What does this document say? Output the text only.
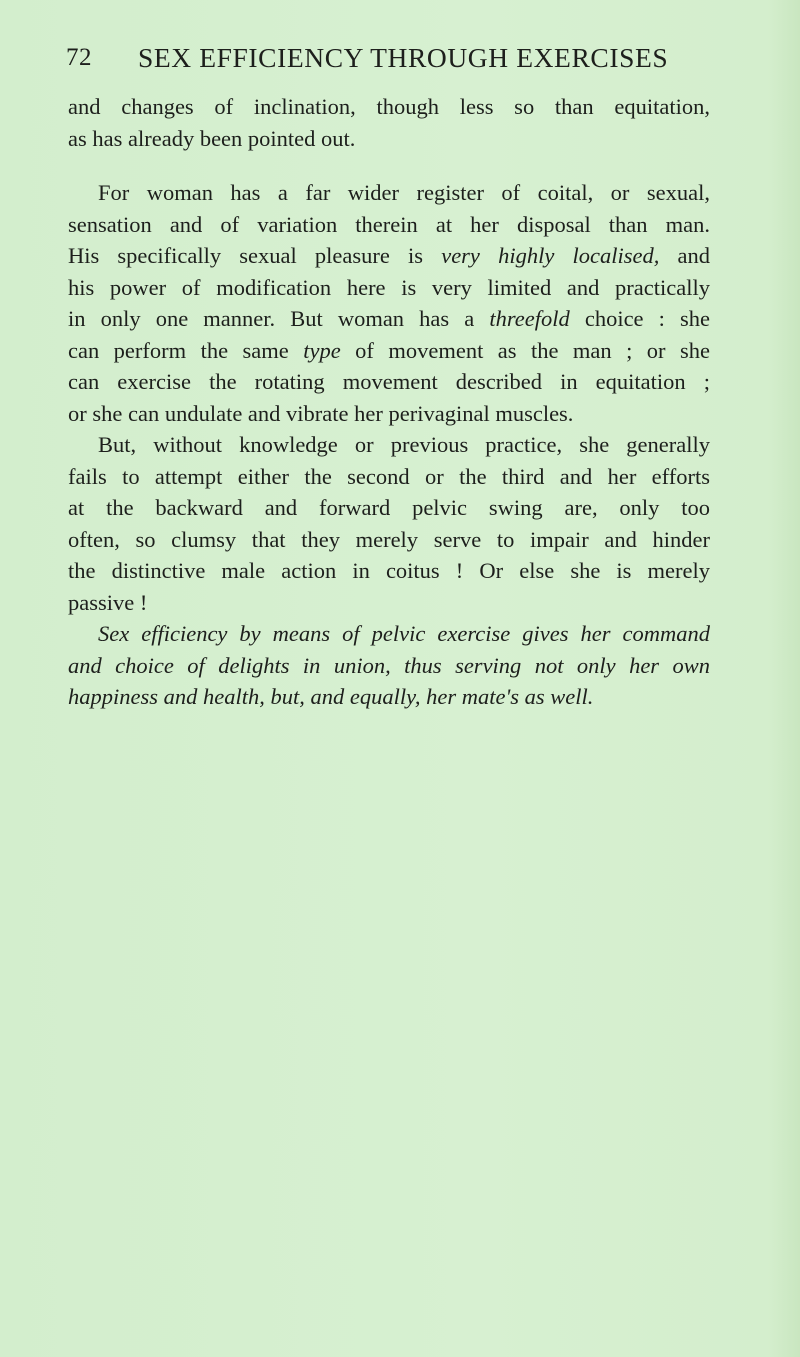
72 SEX EFFICIENCY THROUGH EXERCISES
and changes of inclination, though less so than equitation,
as has already been pointed out.
For woman has a far wider register of coital, or sexual,
sensation and of variation therein at her disposal than man.
His specifically sexual pleasure is very highly localised, and
his power of modification here is very limited and practically
in only one manner. But woman has a threefold choice : she
can perform the same type of movement as the man ; or she
can exercise the rotating movement described in equitation ;
or she can undulate and vibrate her perivaginal muscles.
But, without knowledge or previous practice, she generally
fails to attempt either the second or the third and her efforts
at the backward and forward pelvic swing are, only too
often, so clumsy that they merely serve to impair and hinder
the distinctive male action in coitus ! Or else she is merely
passive !
Sex efficiency by means of pelvic exercise gives her command
and choice of delights in union, thus serving not only her own
happiness and health, but, and equally, her mate's as well.
